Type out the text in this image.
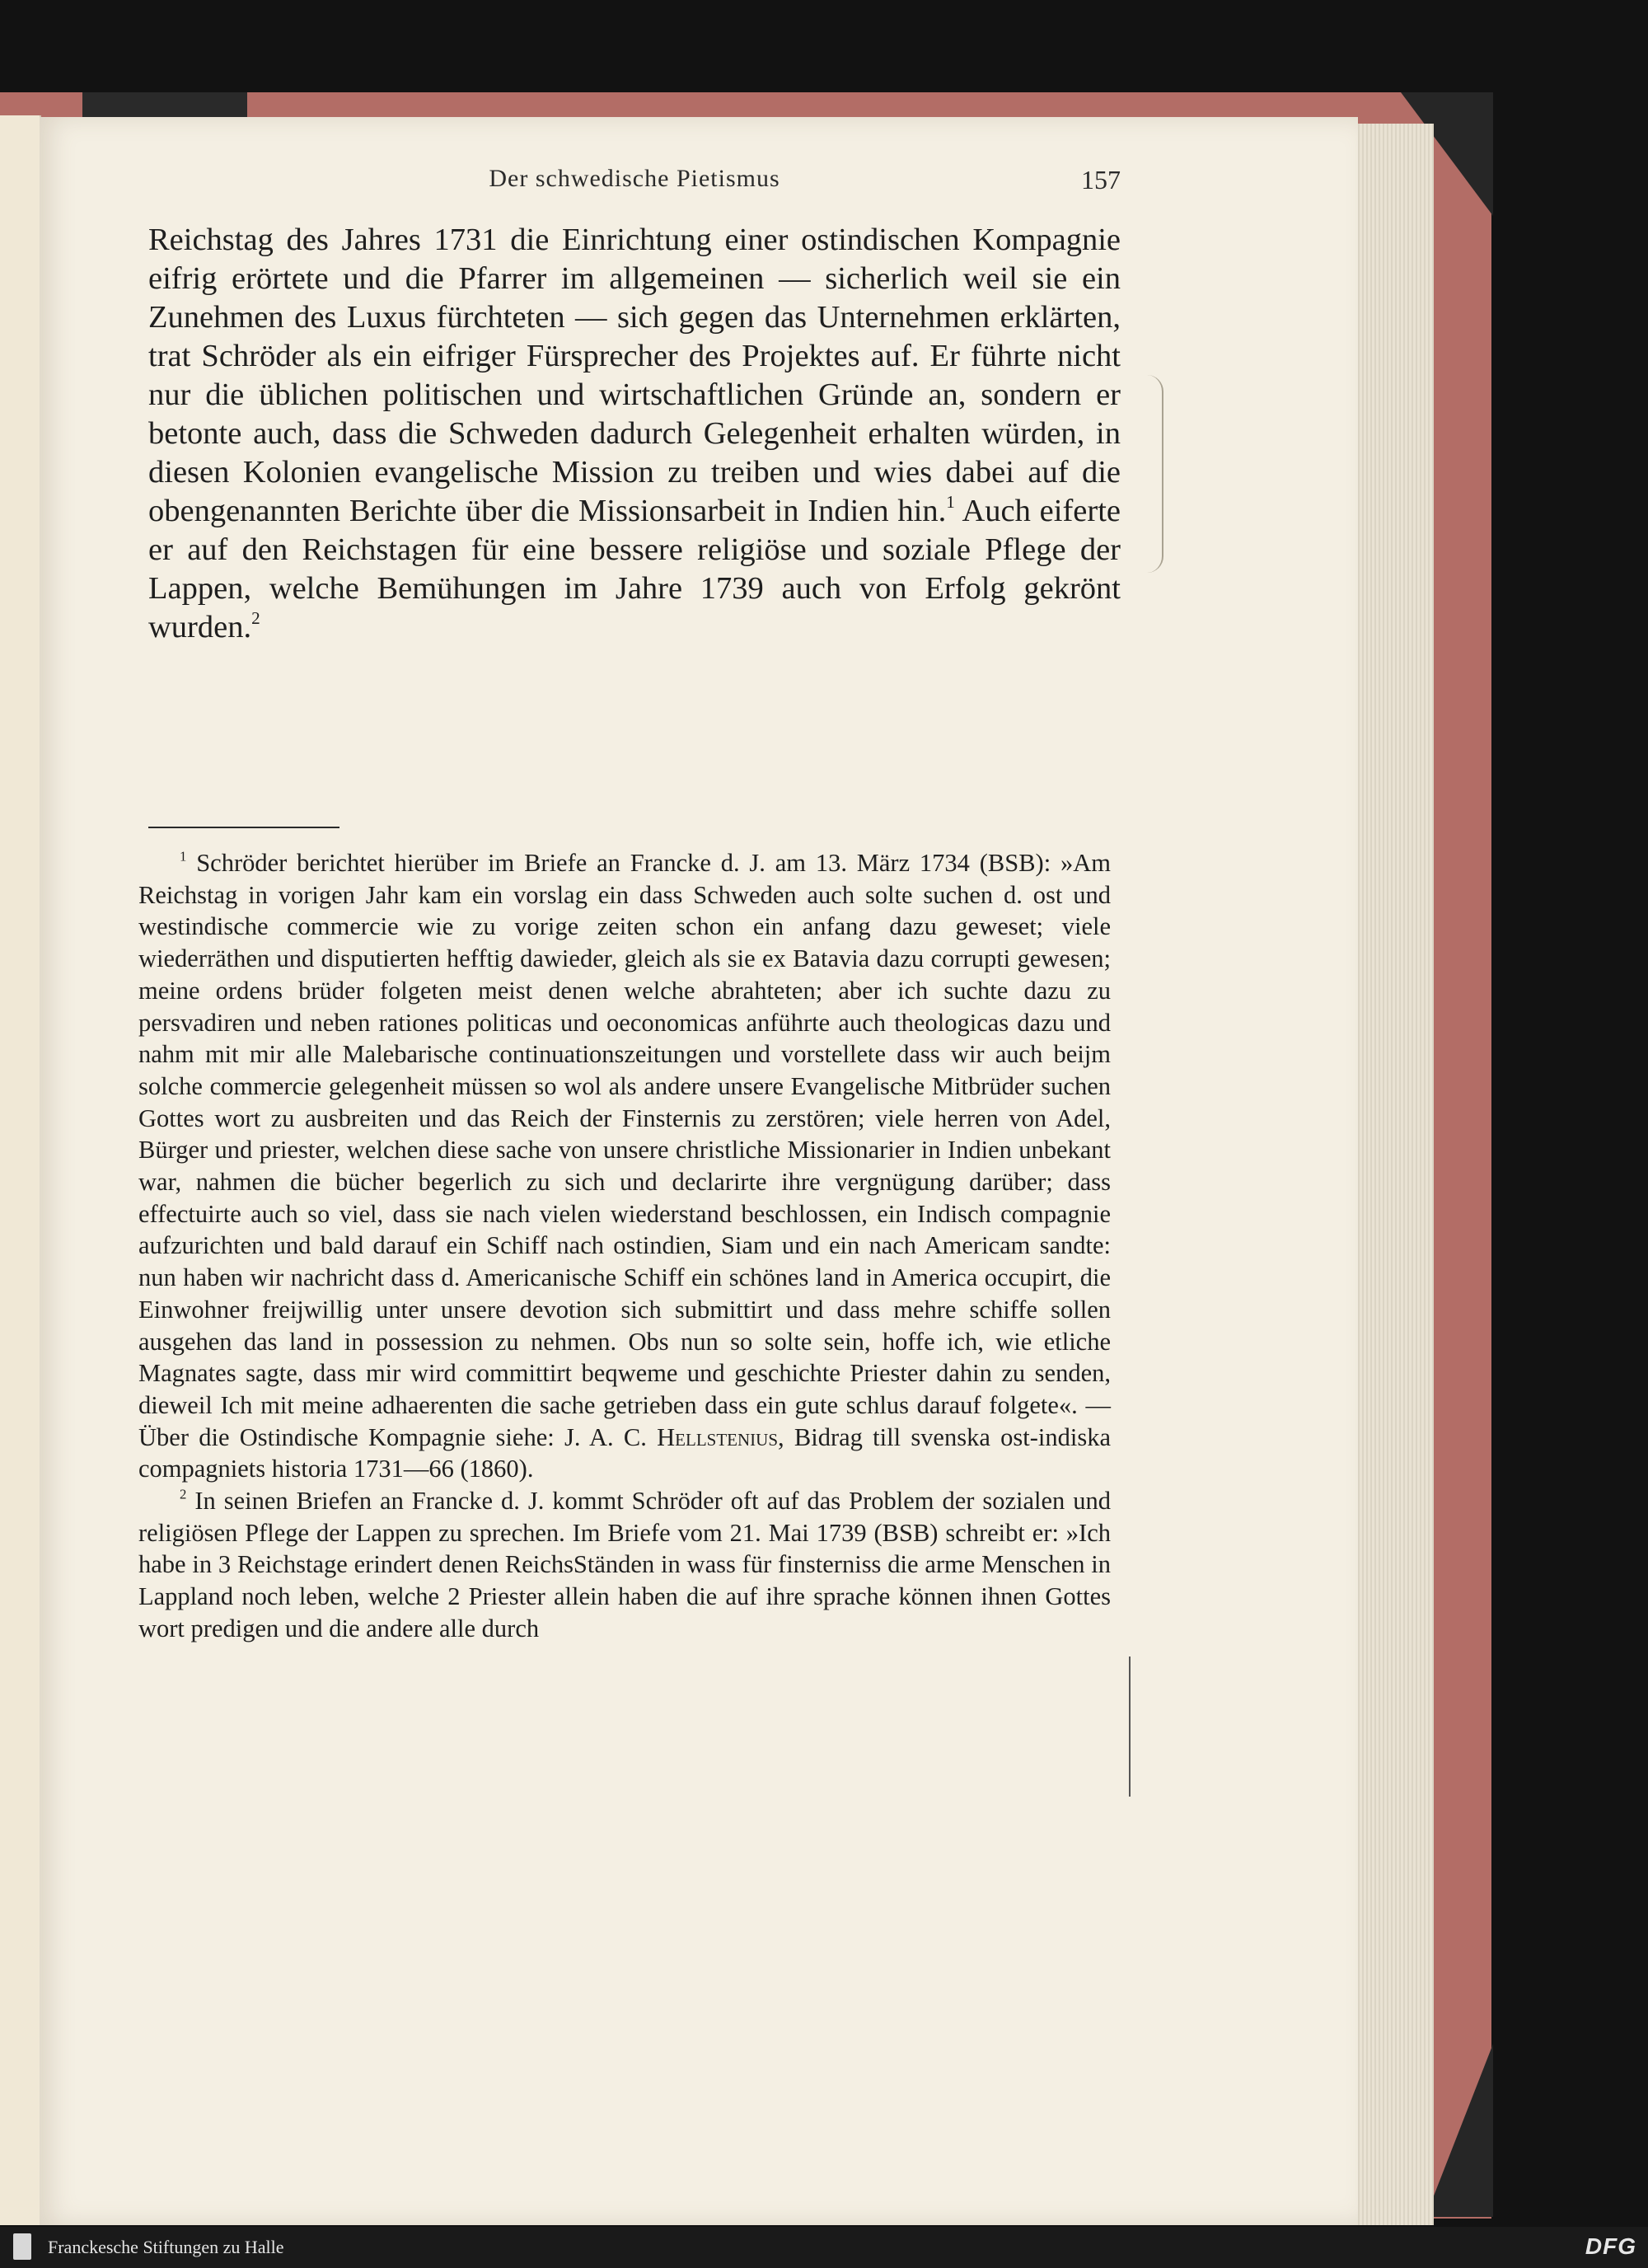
Der schwedische Pietismus	157

Reichstag des Jahres 1731 die Einrichtung einer ostindischen Kompagnie eifrig erörtete und die Pfarrer im allgemeinen — sicherlich weil sie ein Zunehmen des Luxus fürchteten — sich gegen das Unternehmen erklärten, trat Schröder als ein eifriger Fürsprecher des Projektes auf. Er führte nicht nur die üblichen politischen und wirtschaftlichen Gründe an, sondern er betonte auch, dass die Schweden dadurch Gelegenheit erhalten würden, in diesen Kolonien evangelische Mission zu treiben und wies dabei auf die obengenannten Berichte über die Missionsarbeit in Indien hin.$^1$ Auch eiferte er auf den Reichstagen für eine bessere religiöse und soziale Pflege der Lappen, welche Bemühungen im Jahre 1739 auch von Erfolg gekrönt wurden.$^2$

$^1$ Schröder berichtet hierüber im Briefe an Francke d. J. am 13. März 1734 (BSB): »Am Reichstag in vorigen Jahr kam ein vorslag ein dass Schweden auch solte suchen d. ost und westindische commercie wie zu vorige zeiten schon ein anfang dazu geweset; viele wiederräthen und disputierten hefftig dawieder, gleich als sie ex Batavia dazu corrupti gewesen; meine ordens brüder folgeten meist denen welche abrahteten; aber ich suchte dazu zu persvadiren und neben rationes politicas und oeconomicas anführte auch theologicas dazu und nahm mit mir alle Malebarische continuationszeitungen und vorstellete dass wir auch beijm solche commercie gelegenheit müssen so wol als andere unsere Evangelische Mitbrüder suchen Gottes wort zu ausbreiten und das Reich der Finsternis zu zerstören; viele herren von Adel, Bürger und priester, welchen diese sache von unsere christliche Missionarier in Indien unbekant war, nahmen die bücher begerlich zu sich und declarirte ihre vergnügung darüber; dass effectuirte auch so viel, dass sie nach vielen wiederstand beschlossen, ein Indisch compagnie aufzurichten und bald darauf ein Schiff nach ostindien, Siam und ein nach Americam sandte: nun haben wir nachricht dass d. Americanische Schiff ein schönes land in America occupirt, die Einwohner freijwillig unter unsere devotion sich submittirt und dass mehre schiffe sollen ausgehen das land in possession zu nehmen. Obs nun so solte sein, hoffe ich, wie etliche Magnates sagte, dass mir wird committirt beqweme und geschichte Priester dahin zu senden, dieweil Ich mit meine adhaerenten die sache getrieben dass ein gute schlus darauf folgete«. — Über die Ostindische Kompagnie siehe: J. A. C. Hellstenius, Bidrag till svenska ost-indiska compagniets historia 1731—66 (1860).

$^2$ In seinen Briefen an Francke d. J. kommt Schröder oft auf das Problem der sozialen und religiösen Pflege der Lappen zu sprechen. Im Briefe vom 21. Mai 1739 (BSB) schreibt er: »Ich habe in 3 Reichstage erindert denen ReichsStänden in wass für finsterniss die arme Menschen in Lappland noch leben, welche 2 Priester allein haben die auf ihre sprache können ihnen Gottes wort predigen und die andere alle durch

Franckesche Stiftungen zu Halle	DFG
